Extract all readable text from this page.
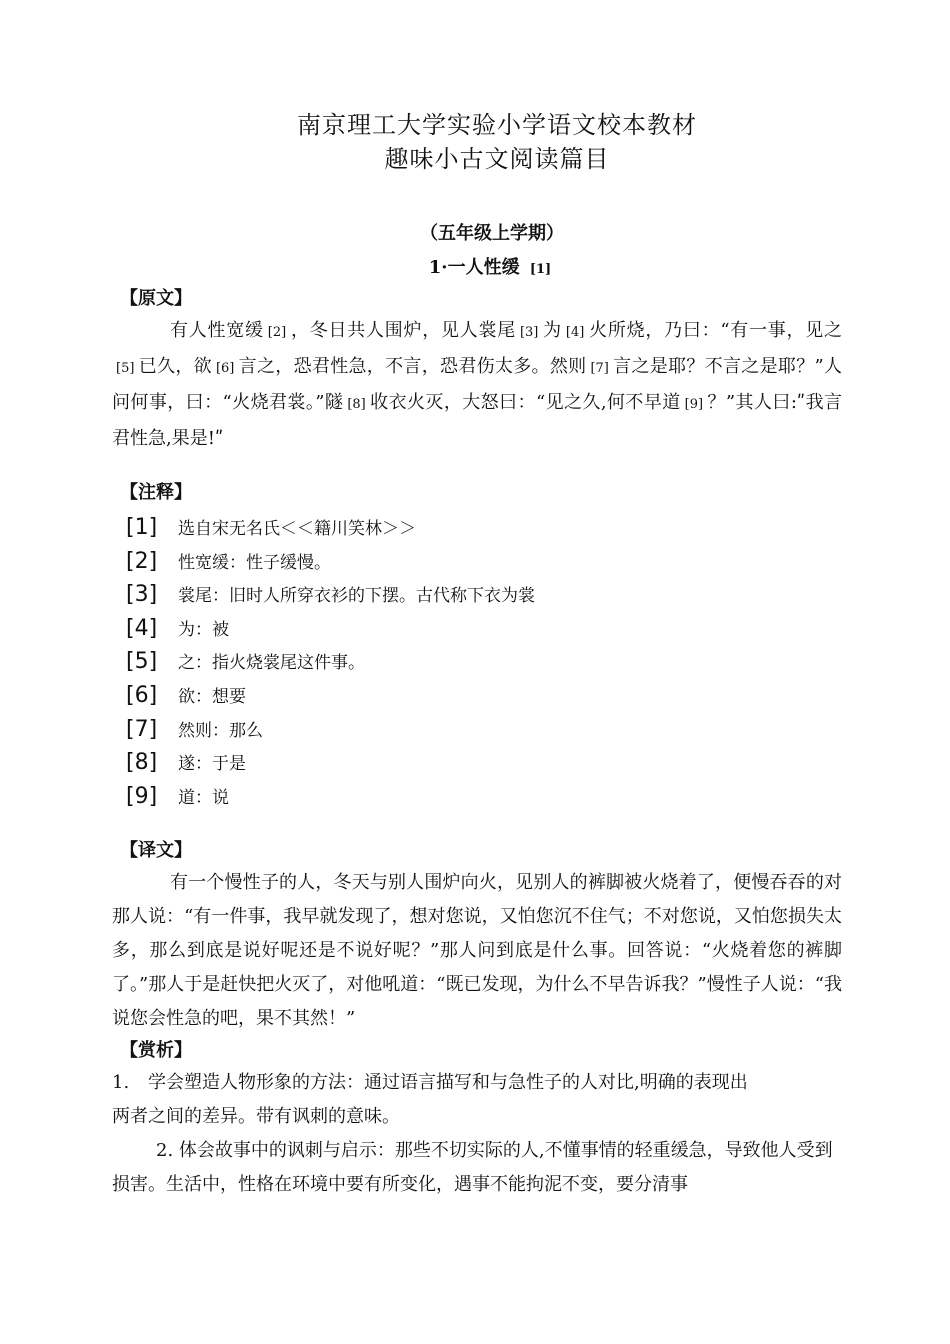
南京理工大学实验小学语文校本教材
趣味小古文阅读篇目
（五年级上学期）
1·一人性缓 [1]
【原文】
有人性宽缓 [2] ，冬日共人围炉，见人裳尾 [3] 为 [4] 火所烧，乃曰：“有一事，见之[5] 已久，欲 [6] 言之，恐君性急，不言，恐君伤太多。然则 [7] 言之是耶？不言之是耶？”人问何事，曰：“火烧君裳。”隧 [8] 收衣火灭，大怒曰：“见之久,何不早道 [9] ？”其人曰:ʺ我言君性急,果是!ʺ
【注释】
[1] 选自宋无名氏＜＜籍川笑林＞＞
[2] 性宽缓：性子缓慢。
[3] 裳尾：旧时人所穿衣衫的下摆。古代称下衣为裳
[4] 为：被
[5] 之：指火烧裳尾这件事。
[6] 欲：想要
[7] 然则：那么
[8] 遂：于是
[9] 道：说
【译文】
有一个慢性子的人，冬天与别人围炉向火，见别人的裤脚被火烧着了，便慢吞吞的对那人说：“有一件事，我早就发现了，想对您说，又怕您沉不住气；不对您说，又怕您损失太多，那么到底是说好呢还是不说好呢？”那人问到底是什么事。回答说：“火烧着您的裤脚了。”那人于是赶快把火灭了，对他吼道：“既已发现，为什么不早告诉我？”慢性子人说：“我说您会性急的吧，果不其然！”
【赏析】
1. 学会塑造人物形象的方法：通过语言描写和与急性子的人对比,明确的表现出
两者之间的差异。带有讽刺的意味。
2. 体会故事中的讽刺与启示：那些不切实际的人,不懂事情的轻重缓急，导致他人受到损害。生活中，性格在环境中要有所变化，遇事不能拘泥不变，要分清事
